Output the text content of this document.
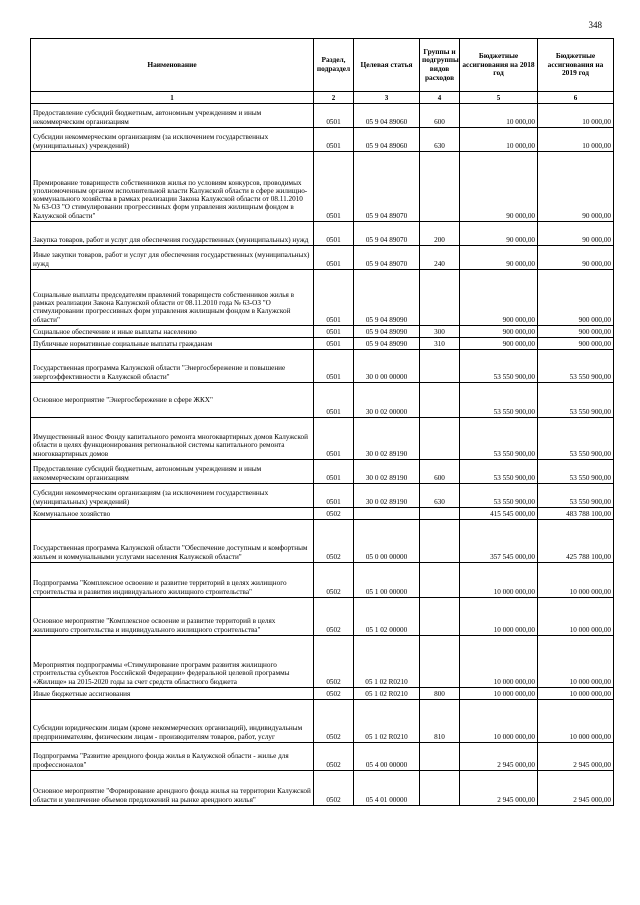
348
Наименование	Раздел, подраздел	Целевая статья	Группы и подгруппы видов расходов	Бюджетные ассигнования на 2018 год	Бюджетные ассигнования на 2019 год
1	2	3	4	5	6
Предоставление субсидий бюджетным, автономным учреждениям и иным некоммерческим организациям	0501	05 9 04 89060	600	10 000,00	10 000,00
Субсидии некоммерческим организациям (за исключением государственных (муниципальных) учреждений)	0501	05 9 04 89060	630	10 000,00	10 000,00
Премирование товариществ собственников жилья по условиям конкурсов, проводимых уполномоченным органом исполнительной власти Калужской области в сфере жилищно-коммунального хозяйства в рамках реализации Закона Калужской области от 08.11.2010 № 63-ОЗ "О стимулировании прогрессивных форм управления жилищным фондом в Калужской области"	0501	05 9 04 89070		90 000,00	90 000,00
Закупка товаров, работ и услуг для обеспечения государственных (муниципальных) нужд	0501	05 9 04 89070	200	90 000,00	90 000,00
Иные закупки товаров, работ и услуг для обеспечения государственных (муниципальных) нужд	0501	05 9 04 89070	240	90 000,00	90 000,00
Социальные выплаты председателям правлений товариществ собственников жилья в рамках реализации Закона Калужской области от 08.11.2010 года № 63-ОЗ "О стимулировании прогрессивных форм управления жилищным фондом в Калужской области"	0501	05 9 04 89090		900 000,00	900 000,00
Социальное обеспечение и иные выплаты населению	0501	05 9 04 89090	300	900 000,00	900 000,00
Публичные нормативные социальные выплаты гражданам	0501	05 9 04 89090	310	900 000,00	900 000,00
Государственная программа Калужской области "Энергосбережение и повышение энергоэффективности в Калужской области"	0501	30 0 00 00000		53 550 900,00	53 550 900,00
Основное мероприятие "Энергосбережение в сфере ЖКХ"	0501	30 0 02 00000		53 550 900,00	53 550 900,00
Имущественный взнос Фонду капитального ремонта многоквартирных домов Калужской области в целях функционирования региональной системы капитального ремонта многоквартирных домов	0501	30 0 02 89190		53 550 900,00	53 550 900,00
Предоставление субсидий бюджетным, автономным учреждениям и иным некоммерческим организациям	0501	30 0 02 89190	600	53 550 900,00	53 550 900,00
Субсидии некоммерческим организациям (за исключением государственных (муниципальных) учреждений)	0501	30 0 02 89190	630	53 550 900,00	53 550 900,00
Коммунальное хозяйство	0502			415 545 000,00	483 788 100,00
Государственная программа Калужской области "Обеспечение доступным и комфортным жильем и коммунальными услугами населения Калужской области"	0502	05 0 00 00000		357 545 000,00	425 788 100,00
Подпрограмма "Комплексное освоение и развитие территорий в целях жилищного строительства и развития индивидуального жилищного строительства"	0502	05 1 00 00000		10 000 000,00	10 000 000,00
Основное мероприятие "Комплексное освоение и развитие территорий в целях жилищного строительства и индивидуального жилищного строительства"	0502	05 1 02 00000		10 000 000,00	10 000 000,00
Мероприятия подпрограммы «Стимулирование программ развития жилищного строительства субъектов Российской Федерации» федеральной целевой программы «Жилище» на 2015-2020 годы за счет средств областного бюджета	0502	05 1 02 R0210		10 000 000,00	10 000 000,00
Иные бюджетные ассигнования	0502	05 1 02 R0210	800	10 000 000,00	10 000 000,00
Субсидии юридическим лицам (кроме некоммерческих организаций), индивидуальным предпринимателям, физическим лицам - производителям товаров, работ, услуг	0502	05 1 02 R0210	810	10 000 000,00	10 000 000,00
Подпрограмма "Развитие арендного фонда жилья в Калужской области - жилье для профессионалов"	0502	05 4 00 00000		2 945 000,00	2 945 000,00
Основное мероприятие "Формирование арендного фонда жилья на территории Калужской области и увеличение объемов предложений на рынке арендного жилья"	0502	05 4 01 00000		2 945 000,00	2 945 000,00
